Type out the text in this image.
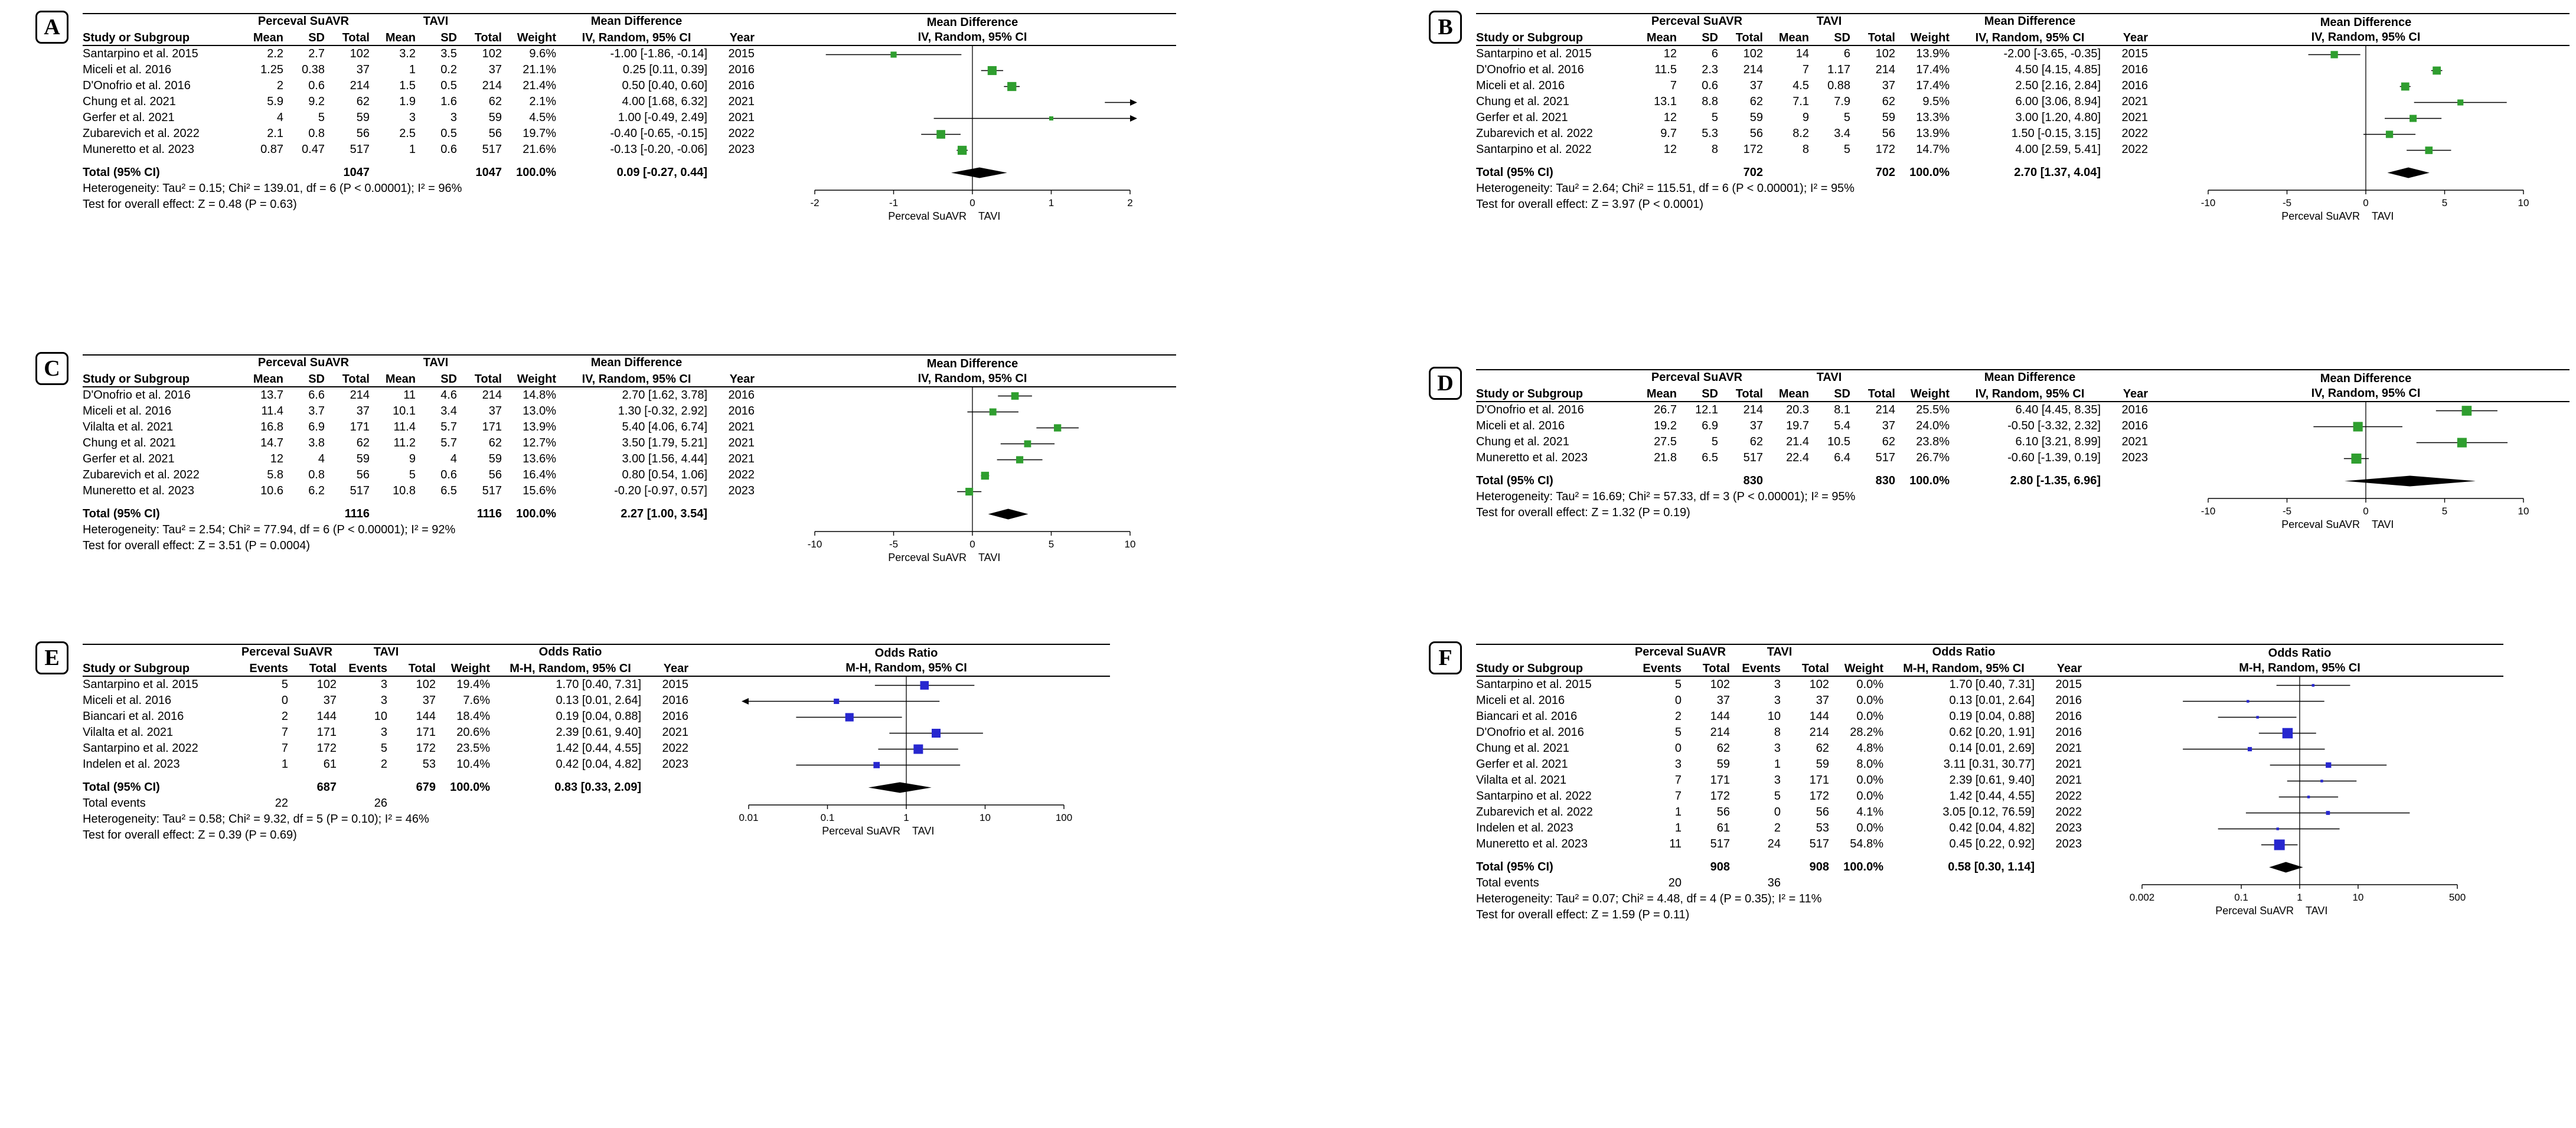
A	Perceval SuAVR	TAVI	Mean Difference
Study or Subgroup	Mean	SD	Total	Mean	SD	Total	Weight	IV, Random, 95% CI	Year
Santarpino et al. 2015	2.2	2.7	102	3.2	3.5	102	9.6%	-1.00 [-1.86, -0.14]	2015
Miceli et al. 2016	1.25	0.38	37	1	0.2	37	21.1%	0.25 [0.11, 0.39]	2016
D'Onofrio et al. 2016	2	0.6	214	1.5	0.5	214	21.4%	0.50 [0.40, 0.60]	2016
Chung et al. 2021	5.9	9.2	62	1.9	1.6	62	2.1%	4.00 [1.68, 6.32]	2021
Gerfer et al. 2021	4	5	59	3	3	59	4.5%	1.00 [-0.49, 2.49]	2021
Zubarevich et al. 2022	2.1	0.8	56	2.5	0.5	56	19.7%	-0.40 [-0.65, -0.15]	2022
Muneretto et al. 2023	0.87	0.47	517	1	0.6	517	21.6%	-0.13 [-0.20, -0.06]	2023
Total (95% CI)	1047	1047	100.0%	0.09 [-0.27, 0.44]
Heterogeneity: Tau² = 0.15; Chi² = 139.01, df = 6 (P < 0.00001); I² = 96%
Test for overall effect: Z = 0.48 (P = 0.63)
Mean Difference
IV, Random, 95% CI
-2	-1	0	1	2
Perceval SuAVR TAVI
B	Perceval SuAVR	TAVI	Mean Difference
Study or Subgroup	Mean	SD	Total	Mean	SD	Total	Weight	IV, Random, 95% CI	Year
Santarpino et al. 2015	12	6	102	14	6	102	13.9%	-2.00 [-3.65, -0.35]	2015
D'Onofrio et al. 2016	11.5	2.3	214	7	1.17	214	17.4%	4.50 [4.15, 4.85]	2016
Miceli et al. 2016	7	0.6	37	4.5	0.88	37	17.4%	2.50 [2.16, 2.84]	2016
Chung et al. 2021	13.1	8.8	62	7.1	7.9	62	9.5%	6.00 [3.06, 8.94]	2021
Gerfer et al. 2021	12	5	59	9	5	59	13.3%	3.00 [1.20, 4.80]	2021
Zubarevich et al. 2022	9.7	5.3	56	8.2	3.4	56	13.9%	1.50 [-0.15, 3.15]	2022
Santarpino et al. 2022	12	8	172	8	5	172	14.7%	4.00 [2.59, 5.41]	2022
Total (95% CI)	702	702	100.0%	2.70 [1.37, 4.04]
Heterogeneity: Tau² = 2.64; Chi² = 115.51, df = 6 (P < 0.00001); I² = 95%
Test for overall effect: Z = 3.97 (P < 0.0001)
Mean Difference
IV, Random, 95% CI
-10	-5	0	5	10
Perceval SuAVR TAVI
C	Perceval SuAVR	TAVI	Mean Difference
Study or Subgroup	Mean	SD	Total	Mean	SD	Total	Weight	IV, Random, 95% CI	Year
D'Onofrio et al. 2016	13.7	6.6	214	11	4.6	214	14.8%	2.70 [1.62, 3.78]	2016
Miceli et al. 2016	11.4	3.7	37	10.1	3.4	37	13.0%	1.30 [-0.32, 2.92]	2016
Vilalta et al. 2021	16.8	6.9	171	11.4	5.7	171	13.9%	5.40 [4.06, 6.74]	2021
Chung et al. 2021	14.7	3.8	62	11.2	5.7	62	12.7%	3.50 [1.79, 5.21]	2021
Gerfer et al. 2021	12	4	59	9	4	59	13.6%	3.00 [1.56, 4.44]	2021
Zubarevich et al. 2022	5.8	0.8	56	5	0.6	56	16.4%	0.80 [0.54, 1.06]	2022
Muneretto et al. 2023	10.6	6.2	517	10.8	6.5	517	15.6%	-0.20 [-0.97, 0.57]	2023
Total (95% CI)	1116	1116	100.0%	2.27 [1.00, 3.54]
Heterogeneity: Tau² = 2.54; Chi² = 77.94, df = 6 (P < 0.00001); I² = 92%
Test for overall effect: Z = 3.51 (P = 0.0004)
Mean Difference
IV, Random, 95% CI
-10	-5	0	5	10
Perceval SuAVR TAVI
D	Perceval SuAVR	TAVI	Mean Difference
Study or Subgroup	Mean	SD	Total	Mean	SD	Total	Weight	IV, Random, 95% CI	Year
D'Onofrio et al. 2016	26.7	12.1	214	20.3	8.1	214	25.5%	6.40 [4.45, 8.35]	2016
Miceli et al. 2016	19.2	6.9	37	19.7	5.4	37	24.0%	-0.50 [-3.32, 2.32]	2016
Chung et al. 2021	27.5	5	62	21.4	10.5	62	23.8%	6.10 [3.21, 8.99]	2021
Muneretto et al. 2023	21.8	6.5	517	22.4	6.4	517	26.7%	-0.60 [-1.39, 0.19]	2023
Total (95% CI)	830	830	100.0%	2.80 [-1.35, 6.96]
Heterogeneity: Tau² = 16.69; Chi² = 57.33, df = 3 (P < 0.00001); I² = 95%
Test for overall effect: Z = 1.32 (P = 0.19)
Mean Difference
IV, Random, 95% CI
-10	-5	0	5	10
Perceval SuAVR TAVI
E	Perceval SuAVR	TAVI	Odds Ratio
Study or Subgroup	Events	Total	Events	Total	Weight	M-H, Random, 95% CI	Year
Santarpino et al. 2015	5	102	3	102	19.4%	1.70 [0.40, 7.31]	2015
Miceli et al. 2016	0	37	3	37	7.6%	0.13 [0.01, 2.64]	2016
Biancari et al. 2016	2	144	10	144	18.4%	0.19 [0.04, 0.88]	2016
Vilalta et al. 2021	7	171	3	171	20.6%	2.39 [0.61, 9.40]	2021
Santarpino et al. 2022	7	172	5	172	23.5%	1.42 [0.44, 4.55]	2022
Indelen et al. 2023	1	61	2	53	10.4%	0.42 [0.04, 4.82]	2023
Total (95% CI)	687	679	100.0%	0.83 [0.33, 2.09]
Total events	22	26
Heterogeneity: Tau² = 0.58; Chi² = 9.32, df = 5 (P = 0.10); I² = 46%
Test for overall effect: Z = 0.39 (P = 0.69)
Odds Ratio
M-H, Random, 95% CI
0.01	0.1	1	10	100
Perceval SuAVR TAVI
F	Perceval SuAVR	TAVI	Odds Ratio
Study or Subgroup	Events	Total	Events	Total	Weight	M-H, Random, 95% CI	Year
Santarpino et al. 2015	5	102	3	102	0.0%	1.70 [0.40, 7.31]	2015
Miceli et al. 2016	0	37	3	37	0.0%	0.13 [0.01, 2.64]	2016
Biancari et al. 2016	2	144	10	144	0.0%	0.19 [0.04, 0.88]	2016
D'Onofrio et al. 2016	5	214	8	214	28.2%	0.62 [0.20, 1.91]	2016
Chung et al. 2021	0	62	3	62	4.8%	0.14 [0.01, 2.69]	2021
Gerfer et al. 2021	3	59	1	59	8.0%	3.11 [0.31, 30.77]	2021
Vilalta et al. 2021	7	171	3	171	0.0%	2.39 [0.61, 9.40]	2021
Santarpino et al. 2022	7	172	5	172	0.0%	1.42 [0.44, 4.55]	2022
Zubarevich et al. 2022	1	56	0	56	4.1%	3.05 [0.12, 76.59]	2022
Indelen et al. 2023	1	61	2	53	0.0%	0.42 [0.04, 4.82]	2023
Muneretto et al. 2023	11	517	24	517	54.8%	0.45 [0.22, 0.92]	2023
Total (95% CI)	908	908	100.0%	0.58 [0.30, 1.14]
Total events	20	36
Heterogeneity: Tau² = 0.07; Chi² = 4.48, df = 4 (P = 0.35); I² = 11%
Test for overall effect: Z = 1.59 (P = 0.11)
Odds Ratio
M-H, Random, 95% CI
0.002	0.1	1	10	500
Perceval SuAVR TAVI
